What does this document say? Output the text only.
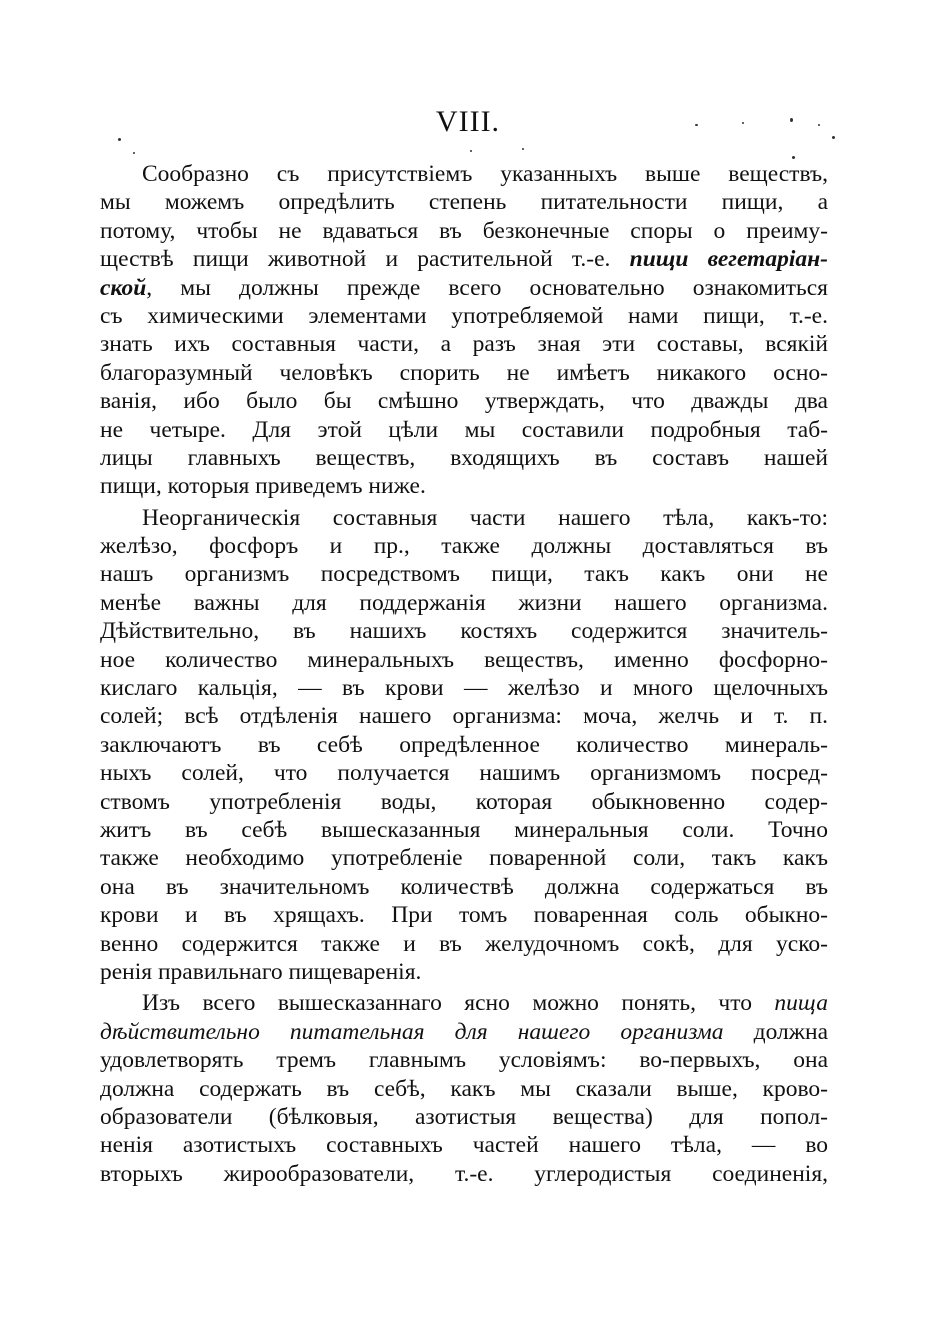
VIII.
Сообразно съ присутствіемъ указанныхъ выше веществъ,
мы можемъ опредѣлить степень питательности пищи, а
потому, чтобы не вдаваться въ безконечные споры о преиму-
ществѣ пищи животной и растительной т.-е. пищи вегетаріан-
ской, мы должны прежде всего основательно ознакомиться
съ химическими элементами употребляемой нами пищи, т.-е.
знать ихъ составныя части, а разъ зная эти составы, всякій
благоразумный человѣкъ спорить не имѣетъ никакого осно-
ванія, ибо было бы смѣшно утверждать, что дважды два
не четыре. Для этой цѣли мы составили подробныя таб-
лицы главныхъ веществъ, входящихъ въ составъ нашей
пищи, которыя приведемъ ниже.
Неорганическія составныя части нашего тѣла, какъ-то:
желѣзо, фосфоръ и пр., также должны доставляться въ
нашъ организмъ посредствомъ пищи, такъ какъ они не
менѣе важны для поддержанія жизни нашего организма.
Дѣйствительно, въ нашихъ костяхъ содержится значитель-
ное количество минеральныхъ веществъ, именно фосфорно-
кислаго кальція, — въ крови — желѣзо и много щелочныхъ
солей; всѣ отдѣленія нашего организма: моча, желчь и т. п.
заключаютъ въ себѣ опредѣленное количество минераль-
ныхъ солей, что получается нашимъ организмомъ посред-
ствомъ употребленія воды, которая обыкновенно содер-
житъ въ себѣ вышесказанныя минеральныя соли. Точно
также необходимо употребленіе поваренной соли, такъ какъ
она въ значительномъ количествѣ должна содержаться въ
крови и въ хрящахъ. При томъ поваренная соль обыкно-
венно содержится также и въ желудочномъ сокѣ, для уско-
ренія правильнаго пищеваренія.
Изъ всего вышесказаннаго ясно можно понять, что пища
дѣйствительно питательная для нашего организма должна
удовлетворять тремъ главнымъ условіямъ: во-первыхъ, она
должна содержать въ себѣ, какъ мы сказали выше, крово-
образователи (бѣлковыя, азотистыя вещества) для попол-
ненія азотистыхъ составныхъ частей нашего тѣла, — во
вторыхъ жирообразователи, т.-е. углеродистыя соединенія,
